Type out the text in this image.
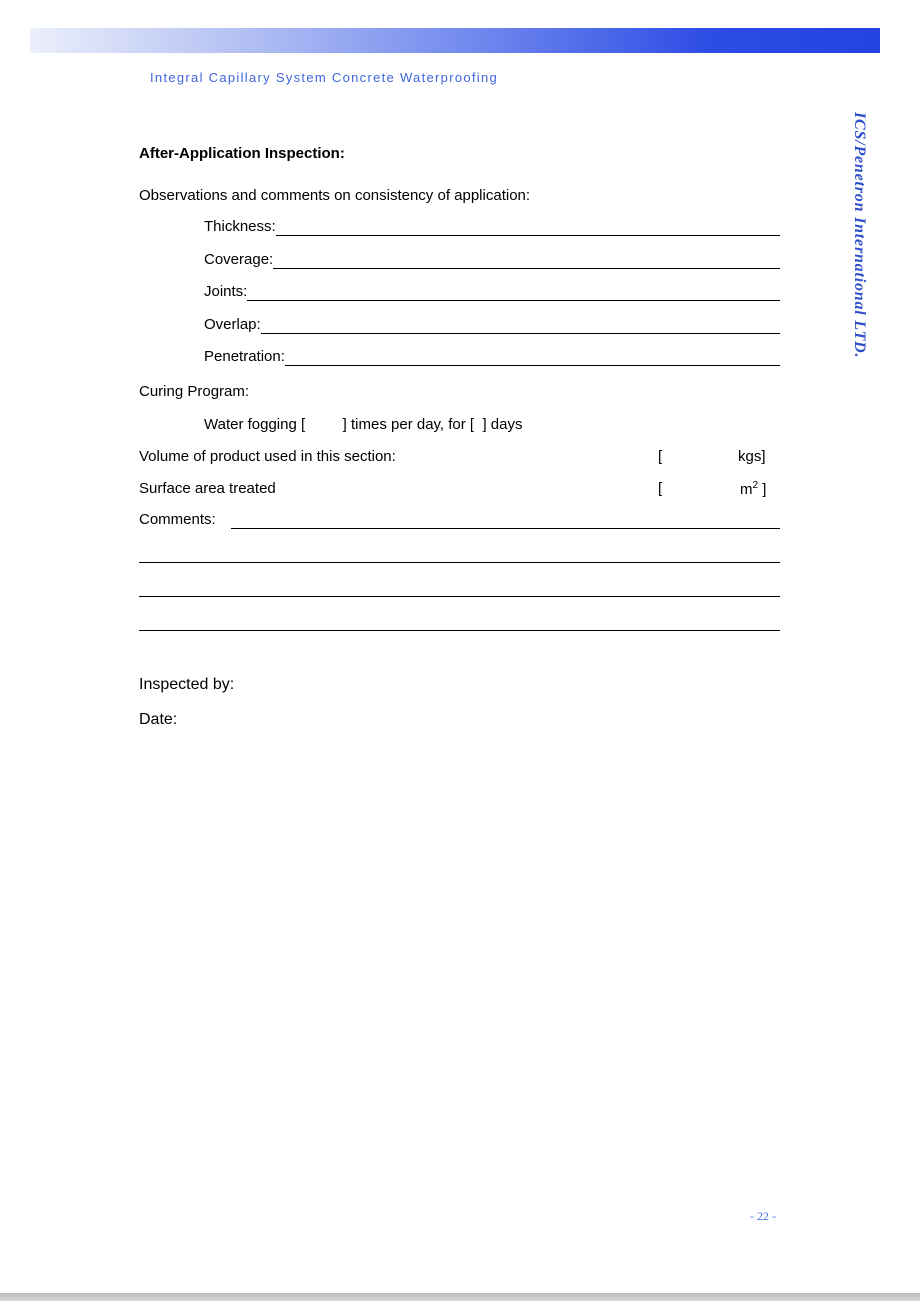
Integral Capillary System Concrete Waterproofing
ICS/Penetron International LTD.
After-Application Inspection:
Observations and comments on consistency of application:
Thickness:
Coverage:
Joints:
Overlap:
Penetration:
Curing Program:
Water fogging [         ] times per day, for [  ] days
Volume of product used in this section:	[	kgs]
Surface area treated	[	$m^2$ ]
Comments:
Inspected by:
Date:
- 22 -
